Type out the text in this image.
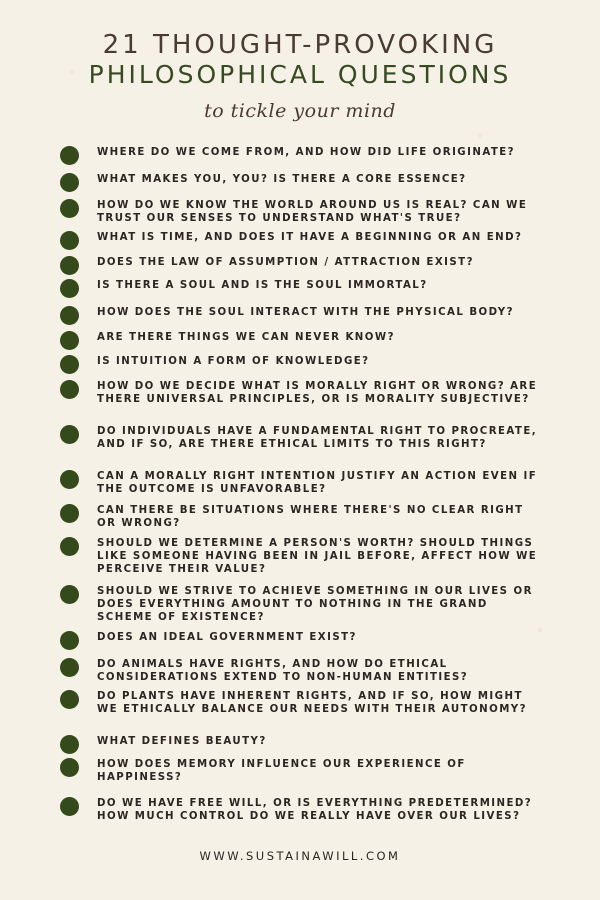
21 THOUGHT-PROVOKING
PHILOSOPHICAL QUESTIONS
to tickle your mind
WHERE DO WE COME FROM, AND HOW DID LIFE ORIGINATE?
WHAT MAKES YOU, YOU? IS THERE A CORE ESSENCE?
HOW DO WE KNOW THE WORLD AROUND US IS REAL? CAN WE TRUST OUR SENSES TO UNDERSTAND WHAT'S TRUE?
WHAT IS TIME, AND DOES IT HAVE A BEGINNING OR AN END?
DOES THE LAW OF ASSUMPTION / ATTRACTION EXIST?
IS THERE A SOUL AND IS THE SOUL IMMORTAL?
HOW DOES THE SOUL INTERACT WITH THE PHYSICAL BODY?
ARE THERE THINGS WE CAN NEVER KNOW?
IS INTUITION A FORM OF KNOWLEDGE?
HOW DO WE DECIDE WHAT IS MORALLY RIGHT OR WRONG? ARE THERE UNIVERSAL PRINCIPLES, OR IS MORALITY SUBJECTIVE?
DO INDIVIDUALS HAVE A FUNDAMENTAL RIGHT TO PROCREATE, AND IF SO, ARE THERE ETHICAL LIMITS TO THIS RIGHT?
CAN A MORALLY RIGHT INTENTION JUSTIFY AN ACTION EVEN IF THE OUTCOME IS UNFAVORABLE?
CAN THERE BE SITUATIONS WHERE THERE'S NO CLEAR RIGHT OR WRONG?
SHOULD WE DETERMINE A PERSON'S WORTH? SHOULD THINGS LIKE SOMEONE HAVING BEEN IN JAIL BEFORE, AFFECT HOW WE PERCEIVE THEIR VALUE?
SHOULD WE STRIVE TO ACHIEVE SOMETHING IN OUR LIVES OR DOES EVERYTHING AMOUNT TO NOTHING IN THE GRAND SCHEME OF EXISTENCE?
DOES AN IDEAL GOVERNMENT EXIST?
DO ANIMALS HAVE RIGHTS, AND HOW DO ETHICAL CONSIDERATIONS EXTEND TO NON-HUMAN ENTITIES?
DO PLANTS HAVE INHERENT RIGHTS, AND IF SO, HOW MIGHT WE ETHICALLY BALANCE OUR NEEDS WITH THEIR AUTONOMY?
WHAT DEFINES BEAUTY?
HOW DOES MEMORY INFLUENCE OUR EXPERIENCE OF HAPPINESS?
DO WE HAVE FREE WILL, OR IS EVERYTHING PREDETERMINED? HOW MUCH CONTROL DO WE REALLY HAVE OVER OUR LIVES?
WWW.SUSTAINAWILL.COM
